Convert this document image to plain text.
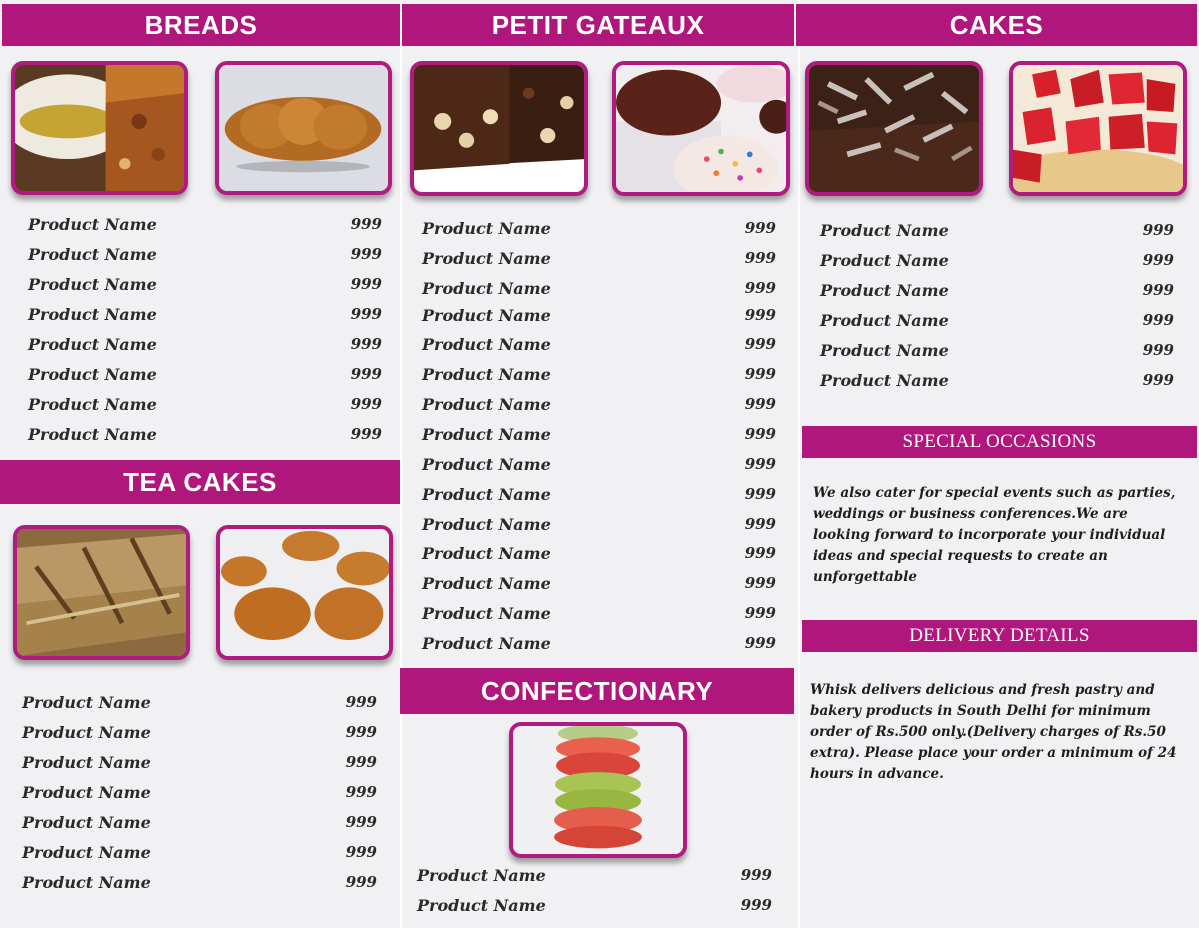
BREADS
Product Name	999
Product Name	999
Product Name	999
Product Name	999
Product Name	999
Product Name	999
Product Name	999
Product Name	999
TEA CAKES
Product Name	999
Product Name	999
Product Name	999
Product Name	999
Product Name	999
Product Name	999
Product Name	999
PETIT GATEAUX
Product Name	999
Product Name	999
Product Name	999
Product Name	999
Product Name	999
Product Name	999
Product Name	999
Product Name	999
Product Name	999
Product Name	999
Product Name	999
Product Name	999
Product Name	999
Product Name	999
Product Name	999
CONFECTIONARY
Product Name	999
Product Name	999
CAKES
Product Name	999
Product Name	999
Product Name	999
Product Name	999
Product Name	999
Product Name	999
SPECIAL OCCASIONS
We also cater for special events such as parties, weddings or business conferences.We are looking forward to incorporate your individual ideas and special requests to create an unforgettable
DELIVERY DETAILS
Whisk delivers delicious and fresh pastry and bakery products in South Delhi for minimum order of Rs.500 only.(Delivery charges of Rs.50 extra). Please place your order a minimum of 24 hours in advance.
